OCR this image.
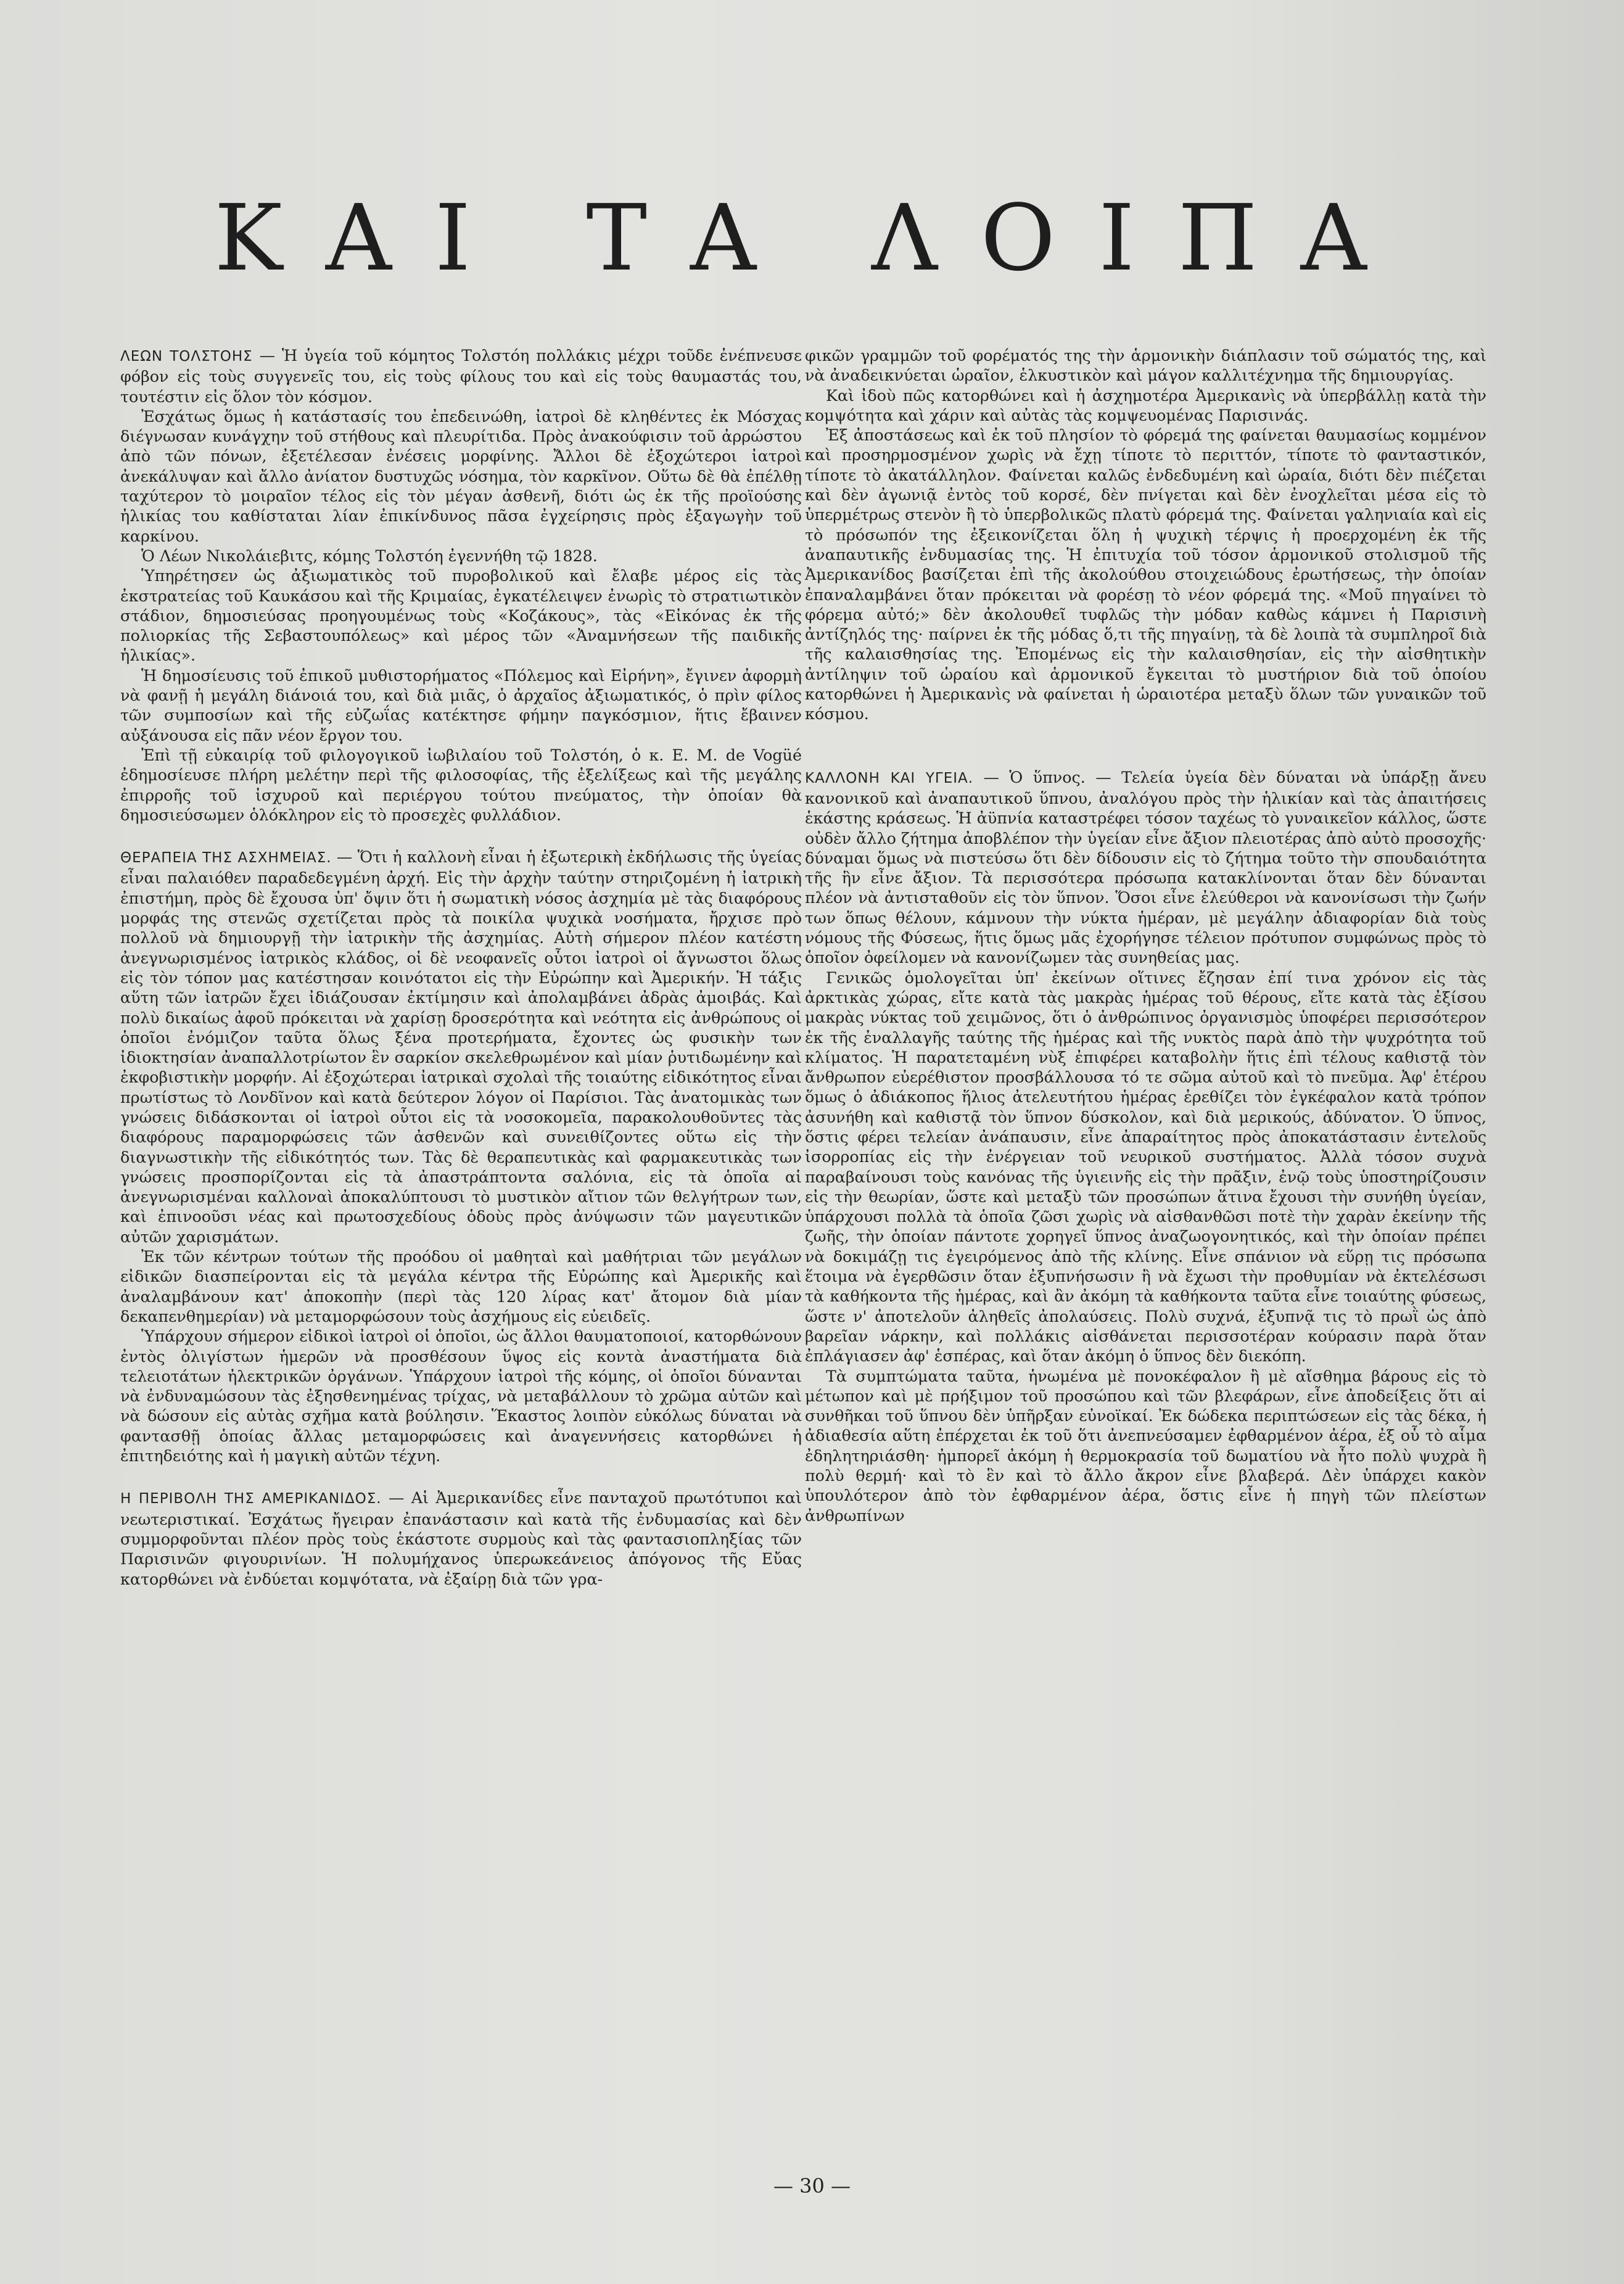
ΚΑΙ ΤΑ ΛΟΙΠΑ

ΛΕΩΝ ΤΟΛΣΤΟΗΣ — Ἡ ὑγεία τοῦ κόμητος Τολστόη πολλάκις μέχρι τοῦδε ἐνέπνευσε φόβον εἰς τοὺς συγγενεῖς του, εἰς τοὺς φίλους του καὶ εἰς τοὺς θαυμαστάς του, τουτέστιν εἰς ὅλον τὸν κόσμον.

Ἐσχάτως ὅμως ἡ κατάστασίς του ἐπεδεινώθη, ἰατροὶ δὲ κληθέντες ἐκ Μόσχας διέγνωσαν κυνάγχην τοῦ στήθους καὶ πλευρίτιδα. Πρὸς ἀνακούφισιν τοῦ ἀρρώστου ἀπὸ τῶν πόνων, ἐξετέλεσαν ἐνέσεις μορφίνης. Ἄλλοι δὲ ἐξοχώτεροι ἰατροὶ ἀνεκάλυψαν καὶ ἄλλο ἀνίατον δυστυχῶς νόσημα, τὸν καρκῖνον. Οὕτω δὲ θὰ ἐπέλθῃ ταχύτερον τὸ μοιραῖον τέλος εἰς τὸν μέγαν ἀσθενῆ, διότι ὡς ἐκ τῆς προϊούσης ἡλικίας του καθίσταται λίαν ἐπικίνδυνος πᾶσα ἐγχείρησις πρὸς ἐξαγωγὴν τοῦ καρκίνου.

Ὁ Λέων Νικολάιεβιτς, κόμης Τολστόη ἐγεννήθη τῷ 1828.

Ὑπηρέτησεν ὡς ἀξιωματικὸς τοῦ πυροβολικοῦ καὶ ἔλαβε μέρος εἰς τὰς ἐκστρατείας τοῦ Καυκάσου καὶ τῆς Κριμαίας, ἐγκατέλειψεν ἐνωρὶς τὸ στρατιωτικὸν στάδιον, δημοσιεύσας προηγουμένως τοὺς «Κοζάκους», τὰς «Εἰκόνας ἐκ τῆς πολιορκίας τῆς Σεβαστουπόλεως» καὶ μέρος τῶν «Ἀναμνήσεων τῆς παιδικῆς ἡλικίας».

Ἡ δημοσίευσις τοῦ ἐπικοῦ μυθιστορήματος «Πόλεμος καὶ Εἰρήνη», ἔγινεν ἀφορμὴ νὰ φανῇ ἡ μεγάλη διάνοιά του, καὶ διὰ μιᾶς, ὁ ἀρχαῖος ἀξιωματικός, ὁ πρὶν φίλος τῶν συμποσίων καὶ τῆς εὐζωΐας κατέκτησε φήμην παγκόσμιον, ἥτις ἔβαινεν αὐξάνουσα εἰς πᾶν νέον ἔργον του.

Ἐπὶ τῇ εὐκαιρίᾳ τοῦ φιλογογικοῦ ἰωβιλαίου τοῦ Τολστόη, ὁ κ. E. M. de Vogüé ἐδημοσίευσε πλήρη μελέτην περὶ τῆς φιλοσοφίας, τῆς ἐξελίξεως καὶ τῆς μεγάλης ἐπιρροῆς τοῦ ἰσχυροῦ καὶ περιέργου τούτου πνεύματος, τὴν ὁποίαν θὰ δημοσιεύσωμεν ὁλόκληρον εἰς τὸ προσεχὲς φυλλάδιον.

ΘΕΡΑΠΕΙΑ ΤΗΣ ΑΣΧΗΜΕΙΑΣ. — Ὅτι ἡ καλλονὴ εἶναι ἡ ἐξωτερικὴ ἐκδήλωσις τῆς ὑγείας εἶναι παλαιόθεν παραδεδεγμένη ἀρχή. Εἰς τὴν ἀρχὴν ταύτην στηριζομένη ἡ ἰατρικὴ ἐπιστήμη, πρὸς δὲ ἔχουσα ὑπ' ὄψιν ὅτι ἡ σωματικὴ νόσος ἀσχημία μὲ τὰς διαφόρους μορφάς της στενῶς σχετίζεται πρὸς τὰ ποικίλα ψυχικὰ νοσήματα, ἤρχισε πρὸ πολλοῦ νὰ δημιουργῇ τὴν ἰατρικὴν τῆς ἀσχημίας. Αὐτὴ σήμερον πλέον κατέστη ἀνεγνωρισμένος ἰατρικὸς κλάδος, οἱ δὲ νεοφανεῖς οὗτοι ἰατροὶ οἱ ἄγνωστοι ὅλως εἰς τὸν τόπον μας κατέστησαν κοινότατοι εἰς τὴν Εὐρώπην καὶ Ἀμερικήν. Ἡ τάξις αὕτη τῶν ἰατρῶν ἔχει ἰδιάζουσαν ἐκτίμησιν καὶ ἀπολαμβάνει ἀδρὰς ἀμοιβάς. Καὶ πολὺ δικαίως ἀφοῦ πρόκειται νὰ χαρίσῃ δροσερότητα καὶ νεότητα εἰς ἀνθρώπους οἱ ὁποῖοι ἐνόμιζον ταῦτα ὅλως ξένα προτερήματα, ἔχοντες ὡς φυσικὴν των ἰδιοκτησίαν ἀναπαλλοτρίωτον ἓν σαρκίον σκελεθρωμένον καὶ μίαν ῥυτιδωμένην καὶ ἐκφοβιστικὴν μορφήν. Αἱ ἐξοχώτεραι ἰατρικαὶ σχολαὶ τῆς τοιαύτης εἰδικότητος εἶναι πρωτίστως τὸ Λονδῖνον καὶ κατὰ δεύτερον λόγον οἱ Παρίσιοι. Τὰς ἀνατομικὰς των γνώσεις διδάσκονται οἱ ἰατροὶ οὗτοι εἰς τὰ νοσοκομεῖα, παρακολουθοῦντες τὰς διαφόρους παραμορφώσεις τῶν ἀσθενῶν καὶ συνειθίζοντες οὕτω εἰς τὴν διαγνωστικὴν τῆς εἰδικότητός των. Τὰς δὲ θεραπευτικὰς καὶ φαρμακευτικὰς των γνώσεις προσπορίζονται εἰς τὰ ἀπαστράπτοντα σαλόνια, εἰς τὰ ὁποῖα αἱ ἀνεγνωρισμέναι καλλοναὶ ἀποκαλύπτουσι τὸ μυστικὸν αἴτιον τῶν θελγήτρων των, καὶ ἐπινοοῦσι νέας καὶ πρωτοσχεδίους ὁδοὺς πρὸς ἀνύψωσιν τῶν μαγευτικῶν αὐτῶν χαρισμάτων.

Ἐκ τῶν κέντρων τούτων τῆς προόδου οἱ μαθηταὶ καὶ μαθήτριαι τῶν μεγάλων εἰδικῶν διασπείρονται εἰς τὰ μεγάλα κέντρα τῆς Εὐρώπης καὶ Ἀμερικῆς καὶ ἀναλαμβάνουν κατ' ἀποκοπὴν (περὶ τὰς 120 λίρας κατ' ἄτομον διὰ μίαν δεκαπενθημερίαν) νὰ μεταμορφώσουν τοὺς ἀσχήμους εἰς εὐειδεῖς.

Ὑπάρχουν σήμερον εἰδικοὶ ἰατροὶ οἱ ὁποῖοι, ὡς ἄλλοι θαυματοποιοί, κατορθώνουν ἐντὸς ὀλιγίστων ἡμερῶν νὰ προσθέσουν ὕψος εἰς κοντὰ ἀναστήματα διὰ τελειοτάτων ἠλεκτρικῶν ὀργάνων. Ὑπάρχουν ἰατροὶ τῆς κόμης, οἱ ὁποῖοι δύνανται νὰ ἐνδυναμώσουν τὰς ἐξησθενημένας τρίχας, νὰ μεταβάλλουν τὸ χρῶμα αὐτῶν καὶ νὰ δώσουν εἰς αὐτὰς σχῆμα κατὰ βούλησιν. Ἕκαστος λοιπὸν εὐκόλως δύναται νὰ φαντασθῇ ὁποίας ἄλλας μεταμορφώσεις καὶ ἀναγεννήσεις κατορθώνει ἡ ἐπιτηδειότης καὶ ἡ μαγικὴ αὐτῶν τέχνη.

Η ΠΕΡΙΒΟΛΗ ΤΗΣ ΑΜΕΡΙΚΑΝΙΔΟΣ. — Αἱ Ἀμερικανίδες εἶνε πανταχοῦ πρωτότυποι καὶ νεωτεριστικαί. Ἐσχάτως ἤγειραν ἐπανάστασιν καὶ κατὰ τῆς ἐνδυμασίας καὶ δὲν συμμορφοῦνται πλέον πρὸς τοὺς ἑκάστοτε συρμοὺς καὶ τὰς φαντασιοπληξίας τῶν Παρισινῶν φιγουρινίων. Ἡ πολυμήχανος ὑπερωκεάνειος ἀπόγονος τῆς Εὔας κατορθώνει νὰ ἐνδύεται κομψότατα, νὰ ἐξαίρῃ διὰ τῶν γρα-

φικῶν γραμμῶν τοῦ φορέματός της τὴν ἁρμονικὴν διάπλασιν τοῦ σώματός της, καὶ νὰ ἀναδεικνύεται ὡραῖον, ἑλκυστικὸν καὶ μάγον καλλιτέχνημα τῆς δημιουργίας.

Καὶ ἰδοὺ πῶς κατορθώνει καὶ ἡ ἀσχημοτέρα Ἀμερικανὶς νὰ ὑπερβάλλῃ κατὰ τὴν κομψότητα καὶ χάριν καὶ αὐτὰς τὰς κομψευομένας Παρισινάς.

Ἐξ ἀποστάσεως καὶ ἐκ τοῦ πλησίον τὸ φόρεμά της φαίνεται θαυμασίως κομμένον καὶ προσηρμοσμένον χωρὶς νὰ ἔχῃ τίποτε τὸ περιττόν, τίποτε τὸ φανταστικόν, τίποτε τὸ ἀκατάλληλον. Φαίνεται καλῶς ἐνδεδυμένη καὶ ὡραία, διότι δὲν πιέζεται καὶ δὲν ἀγωνιᾷ ἐντὸς τοῦ κορσέ, δὲν πνίγεται καὶ δὲν ἐνοχλεῖται μέσα εἰς τὸ ὑπερμέτρως στενὸν ἢ τὸ ὑπερβολικῶς πλατὺ φόρεμά της. Φαίνεται γαληνιαία καὶ εἰς τὸ πρόσωπόν της ἐξεικονίζεται ὅλη ἡ ψυχικὴ τέρψις ἡ προερχομένη ἐκ τῆς ἀναπαυτικῆς ἐνδυμασίας της. Ἡ ἐπιτυχία τοῦ τόσον ἁρμονικοῦ στολισμοῦ τῆς Ἀμερικανίδος βασίζεται ἐπὶ τῆς ἀκολούθου στοιχειώδους ἐρωτήσεως, τὴν ὁποίαν ἐπαναλαμβάνει ὅταν πρόκειται νὰ φορέσῃ τὸ νέον φόρεμά της. «Μοῦ πηγαίνει τὸ φόρεμα αὐτό;» δὲν ἀκολουθεῖ τυφλῶς τὴν μόδαν καθὼς κάμνει ἡ Παρισινὴ ἀντίζηλός της· παίρνει ἐκ τῆς μόδας ὅ,τι τῆς πηγαίνῃ, τὰ δὲ λοιπὰ τὰ συμπληροῖ διὰ τῆς καλαισθησίας της. Ἐπομένως εἰς τὴν καλαισθησίαν, εἰς τὴν αἰσθητικὴν ἀντίληψιν τοῦ ὡραίου καὶ ἁρμονικοῦ ἔγκειται τὸ μυστήριον διὰ τοῦ ὁποίου κατορθώνει ἡ Ἀμερικανὶς νὰ φαίνεται ἡ ὡραιοτέρα μεταξὺ ὅλων τῶν γυναικῶν τοῦ κόσμου.

ΚΑΛΛΟΝΗ ΚΑΙ ΥΓΕΙΑ. — Ὁ ὕπνος. — Τελεία ὑγεία δὲν δύναται νὰ ὑπάρξῃ ἄνευ κανονικοῦ καὶ ἀναπαυτικοῦ ὕπνου, ἀναλόγου πρὸς τὴν ἡλικίαν καὶ τὰς ἀπαιτήσεις ἑκάστης κράσεως. Ἡ ἀϋπνία καταστρέφει τόσον ταχέως τὸ γυναικεῖον κάλλος, ὥστε οὐδὲν ἄλλο ζήτημα ἀποβλέπον τὴν ὑγείαν εἶνε ἄξιον πλειοτέρας ἀπὸ αὐτὸ προσοχῆς· δύναμαι ὅμως νὰ πιστεύσω ὅτι δὲν δίδουσιν εἰς τὸ ζήτημα τοῦτο τὴν σπουδαιότητα τῆς ἣν εἶνε ἄξιον. Τὰ περισσότερα πρόσωπα κατακλίνονται ὅταν δὲν δύνανται πλέον νὰ ἀντισταθοῦν εἰς τὸν ὕπνον. Ὅσοι εἶνε ἐλεύθεροι νὰ κανονίσωσι τὴν ζωήν των ὅπως θέλουν, κάμνουν τὴν νύκτα ἡμέραν, μὲ μεγάλην ἀδιαφορίαν διὰ τοὺς νόμους τῆς Φύσεως, ἥτις ὅμως μᾶς ἐχορήγησε τέλειον πρότυπον συμφώνως πρὸς τὸ ὁποῖον ὀφείλομεν νὰ κανονίζωμεν τὰς συνηθείας μας.

Γενικῶς ὁμολογεῖται ὑπ' ἐκείνων οἵτινες ἔζησαν ἐπί τινα χρόνον εἰς τὰς ἀρκτικὰς χώρας, εἴτε κατὰ τὰς μακρὰς ἡμέρας τοῦ θέρους, εἴτε κατὰ τὰς ἐξίσου μακρὰς νύκτας τοῦ χειμῶνος, ὅτι ὁ ἀνθρώπινος ὀργανισμὸς ὑποφέρει περισσότερον ἐκ τῆς ἐναλλαγῆς ταύτης τῆς ἡμέρας καὶ τῆς νυκτὸς παρὰ ἀπὸ τὴν ψυχρότητα τοῦ κλίματος. Ἡ παρατεταμένη νὺξ ἐπιφέρει καταβολὴν ἥτις ἐπὶ τέλους καθιστᾷ τὸν ἄνθρωπον εὐερέθιστον προσβάλλουσα τό τε σῶμα αὐτοῦ καὶ τὸ πνεῦμα. Ἀφ' ἑτέρου ὅμως ὁ ἀδιάκοπος ἥλιος ἀτελευτήτου ἡμέρας ἐρεθίζει τὸν ἐγκέφαλον κατὰ τρόπον ἀσυνήθη καὶ καθιστᾷ τὸν ὕπνον δύσκολον, καὶ διὰ μερικούς, ἀδύνατον. Ὁ ὕπνος, ὅστις φέρει τελείαν ἀνάπαυσιν, εἶνε ἀπαραίτητος πρὸς ἀποκατάστασιν ἐντελοῦς ἰσορροπίας εἰς τὴν ἐνέργειαν τοῦ νευρικοῦ συστήματος. Ἀλλὰ τόσον συχνὰ παραβαίνουσι τοὺς κανόνας τῆς ὑγιεινῆς εἰς τὴν πρᾶξιν, ἐνῷ τοὺς ὑποστηρίζουσιν εἰς τὴν θεωρίαν, ὥστε καὶ μεταξὺ τῶν προσώπων ἅτινα ἔχουσι τὴν συνήθη ὑγείαν, ὑπάρχουσι πολλὰ τὰ ὁποῖα ζῶσι χωρὶς νὰ αἰσθανθῶσι ποτὲ τὴν χαρὰν ἐκείνην τῆς ζωῆς, τὴν ὁποίαν πάντοτε χορηγεῖ ὕπνος ἀναζωογονητικός, καὶ τὴν ὁποίαν πρέπει νὰ δοκιμάζῃ τις ἐγειρόμενος ἀπὸ τῆς κλίνης. Εἶνε σπάνιον νὰ εὕρῃ τις πρόσωπα ἕτοιμα νὰ ἐγερθῶσιν ὅταν ἐξυπνήσωσιν ἢ νὰ ἔχωσι τὴν προθυμίαν νὰ ἐκτελέσωσι τὰ καθήκοντα τῆς ἡμέρας, καὶ ἂν ἀκόμη τὰ καθήκοντα ταῦτα εἶνε τοιαύτης φύσεως, ὥστε ν' ἀποτελοῦν ἀληθεῖς ἀπολαύσεις. Πολὺ συχνά, ἐξυπνᾷ τις τὸ πρωῒ ὡς ἀπὸ βαρεῖαν νάρκην, καὶ πολλάκις αἰσθάνεται περισσοτέραν κούρασιν παρὰ ὅταν ἐπλάγιασεν ἀφ' ἑσπέρας, καὶ ὅταν ἀκόμη ὁ ὕπνος δὲν διεκόπη.

Τὰ συμπτώματα ταῦτα, ἡνωμένα μὲ πονοκέφαλον ἢ μὲ αἴσθημα βάρους εἰς τὸ μέτωπον καὶ μὲ πρήξιμον τοῦ προσώπου καὶ τῶν βλεφάρων, εἶνε ἀποδείξεις ὅτι αἱ συνθῆκαι τοῦ ὕπνου δὲν ὑπῆρξαν εὐνοϊκαί. Ἐκ δώδεκα περιπτώσεων εἰς τὰς δέκα, ἡ ἀδιαθεσία αὕτη ἐπέρχεται ἐκ τοῦ ὅτι ἀνεπνεύσαμεν ἐφθαρμένον ἀέρα, ἐξ οὗ τὸ αἷμα ἐδηλητηριάσθη· ἠμπορεῖ ἀκόμη ἡ θερμοκρασία τοῦ δωματίου νὰ ἦτο πολὺ ψυχρὰ ἢ πολὺ θερμή· καὶ τὸ ἓν καὶ τὸ ἄλλο ἄκρον εἶνε βλαβερά. Δὲν ὑπάρχει κακὸν ὑπουλότερον ἀπὸ τὸν ἐφθαρμένον ἀέρα, ὅστις εἶνε ἡ πηγὴ τῶν πλείστων ἀνθρωπίνων

— 30 —
